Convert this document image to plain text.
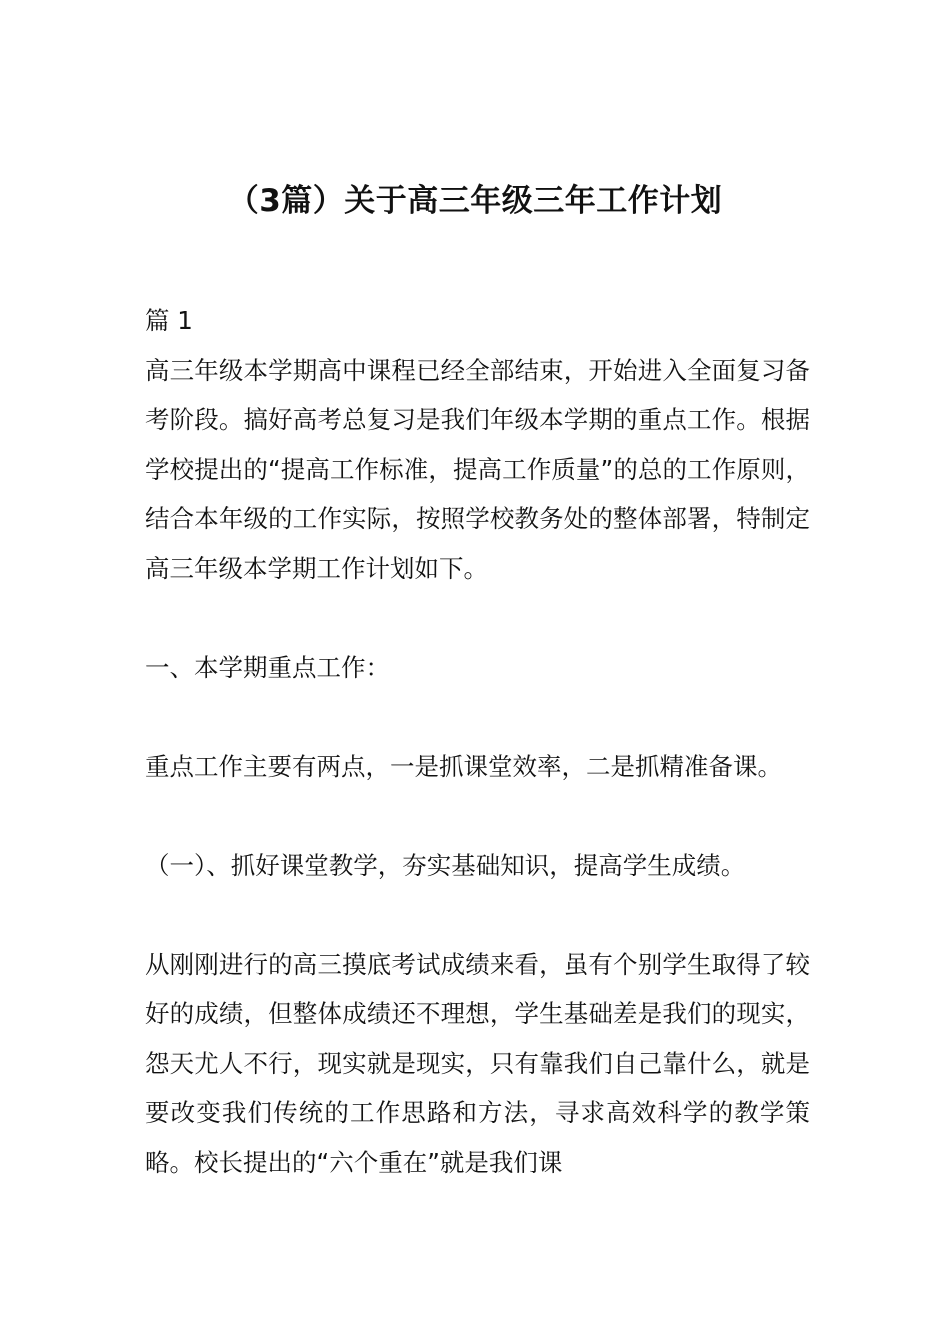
（3篇）关于高三年级三年工作计划

篇 1

高三年级本学期高中课程已经全部结束，开始进入全面复习备考阶段。搞好高考总复习是我们年级本学期的重点工作。根据学校提出的“提高工作标准，提高工作质量”的总的工作原则，结合本年级的工作实际，按照学校教务处的整体部署，特制定高三年级本学期工作计划如下。

一、本学期重点工作：

重点工作主要有两点，一是抓课堂效率，二是抓精准备课。

（一）、抓好课堂教学，夯实基础知识，提高学生成绩。

从刚刚进行的高三摸底考试成绩来看，虽有个别学生取得了较好的成绩，但整体成绩还不理想，学生基础差是我们的现实，怨天尤人不行，现实就是现实，只有靠我们自己靠什么，就是要改变我们传统的工作思路和方法，寻求高效科学的教学策略。校长提出的“六个重在”就是我们课
